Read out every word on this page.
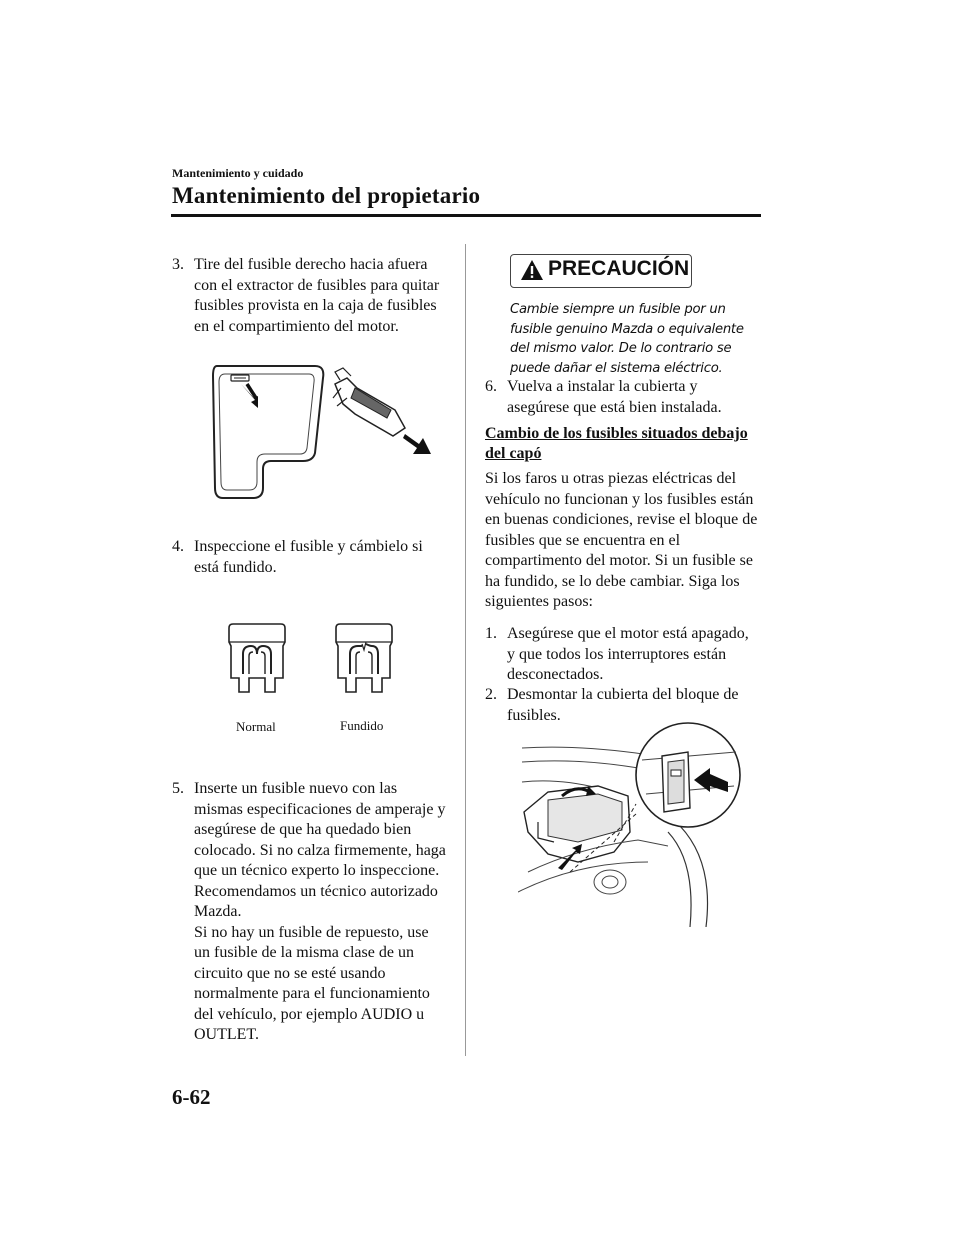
Mantenimiento y cuidado
Mantenimiento del propietario
3. Tire del fusible derecho hacia afuera
con el extractor de fusibles para quitar
fusibles provista en la caja de fusibles
en el compartimiento del motor.
4. Inspeccione el fusible y cámbielo si
está fundido.
Normal	Fundido
5. Inserte un fusible nuevo con las
mismas especificaciones de amperaje y
asegúrese de que ha quedado bien
colocado. Si no calza firmemente, haga
que un técnico experto lo inspeccione.
Recomendamos un técnico autorizado
Mazda.
Si no hay un fusible de repuesto, use
un fusible de la misma clase de un
circuito que no se esté usando
normalmente para el funcionamiento
del vehículo, por ejemplo AUDIO u
OUTLET.
PRECAUCIÓN
Cambie siempre un fusible por un
fusible genuino Mazda o equivalente
del mismo valor. De lo contrario se
puede dañar el sistema eléctrico.
6. Vuelva a instalar la cubierta y
asegúrese que está bien instalada.
Cambio de los fusibles situados debajo
del capó
Si los faros u otras piezas eléctricas del
vehículo no funcionan y los fusibles están
en buenas condiciones, revise el bloque de
fusibles que se encuentra en el
compartimento del motor. Si un fusible se
ha fundido, se lo debe cambiar. Siga los
siguientes pasos:
1. Asegúrese que el motor está apagado,
y que todos los interruptores están
desconectados.
2. Desmontar la cubierta del bloque de
fusibles.
6-62
